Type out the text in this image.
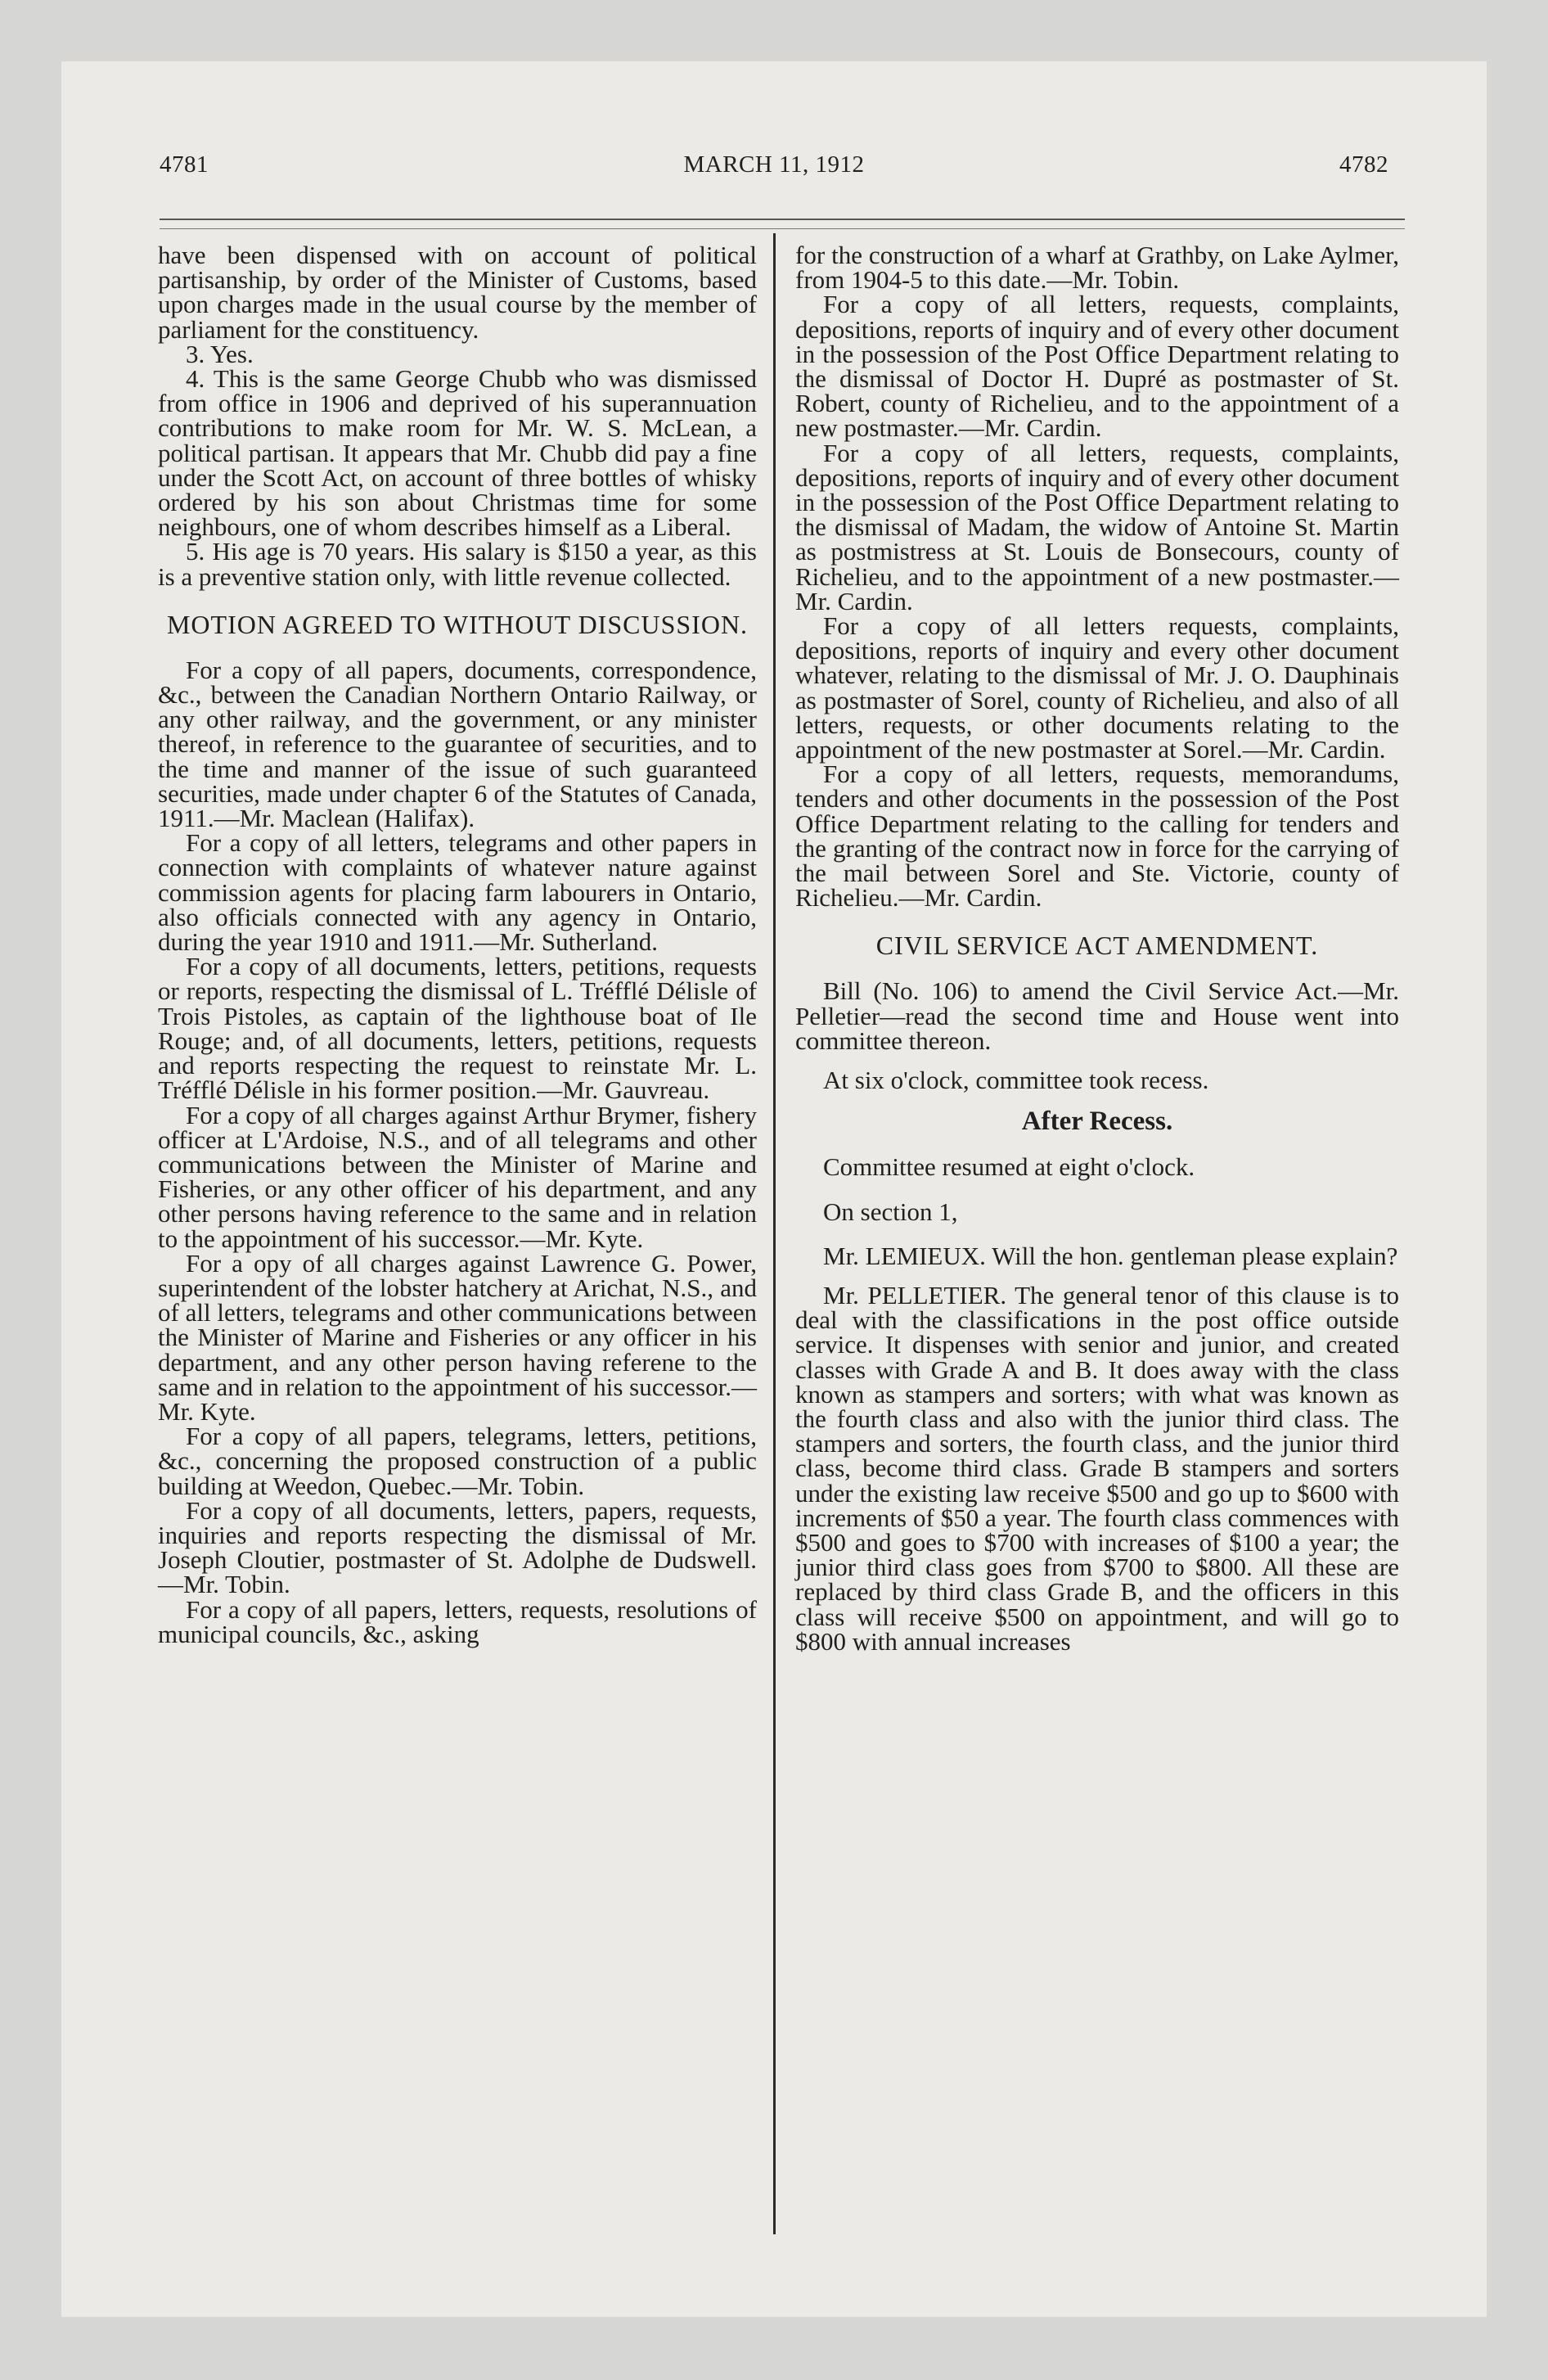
4781	MARCH 11, 1912	4782

have been dispensed with on account of political partisanship, by order of the Minister of Customs, based upon charges made in the usual course by the member of parliament for the constituency.

3. Yes.

4. This is the same George Chubb who was dismissed from office in 1906 and deprived of his superannuation contributions to make room for Mr. W. S. McLean, a political partisan. It appears that Mr. Chubb did pay a fine under the Scott Act, on account of three bottles of whisky ordered by his son about Christmas time for some neighbours, one of whom describes himself as a Liberal.

5. His age is 70 years. His salary is $150 a year, as this is a preventive station only, with little revenue collected.

MOTION AGREED TO WITHOUT DISCUSSION.

For a copy of all papers, documents, correspondence, &c., between the Canadian Northern Ontario Railway, or any other railway, and the government, or any minister thereof, in reference to the guarantee of securities, and to the time and manner of the issue of such guaranteed securities, made under chapter 6 of the Statutes of Canada, 1911.—Mr. Maclean (Halifax).

For a copy of all letters, telegrams and other papers in connection with complaints of whatever nature against commission agents for placing farm labourers in Ontario, also officials connected with any agency in Ontario, during the year 1910 and 1911.—Mr. Sutherland.

For a copy of all documents, letters, petitions, requests or reports, respecting the dismissal of L. Tréfflé Délisle of Trois Pistoles, as captain of the lighthouse boat of Ile Rouge; and, of all documents, letters, petitions, requests and reports respecting the request to reinstate Mr. L. Tréfflé Délisle in his former position.—Mr. Gauvreau.

For a copy of all charges against Arthur Brymer, fishery officer at L'Ardoise, N.S., and of all telegrams and other communications between the Minister of Marine and Fisheries, or any other officer of his department, and any other persons having reference to the same and in relation to the appointment of his successor.—Mr. Kyte.

For a opy of all charges against Lawrence G. Power, superintendent of the lobster hatchery at Arichat, N.S., and of all letters, telegrams and other communications between the Minister of Marine and Fisheries or any officer in his department, and any other person having referene to the same and in relation to the appointment of his successor.—Mr. Kyte.

For a copy of all papers, telegrams, letters, petitions, &c., concerning the proposed construction of a public building at Weedon, Quebec.—Mr. Tobin.

For a copy of all documents, letters, papers, requests, inquiries and reports respecting the dismissal of Mr. Joseph Cloutier, postmaster of St. Adolphe de Dudswell.—Mr. Tobin.

For a copy of all papers, letters, requests, resolutions of municipal councils, &c., asking

for the construction of a wharf at Grathby, on Lake Aylmer, from 1904-5 to this date.—Mr. Tobin.

For a copy of all letters, requests, complaints, depositions, reports of inquiry and of every other document in the possession of the Post Office Department relating to the dismissal of Doctor H. Dupré as postmaster of St. Robert, county of Richelieu, and to the appointment of a new postmaster.—Mr. Cardin.

For a copy of all letters, requests, complaints, depositions, reports of inquiry and of every other document in the possession of the Post Office Department relating to the dismissal of Madam, the widow of Antoine St. Martin as postmistress at St. Louis de Bonsecours, county of Richelieu, and to the appointment of a new postmaster.—Mr. Cardin.

For a copy of all letters requests, complaints, depositions, reports of inquiry and every other document whatever, relating to the dismissal of Mr. J. O. Dauphinais as postmaster of Sorel, county of Richelieu, and also of all letters, requests, or other documents relating to the appointment of the new postmaster at Sorel.—Mr. Cardin.

For a copy of all letters, requests, memorandums, tenders and other documents in the possession of the Post Office Department relating to the calling for tenders and the granting of the contract now in force for the carrying of the mail between Sorel and Ste. Victorie, county of Richelieu.—Mr. Cardin.

CIVIL SERVICE ACT AMENDMENT.

Bill (No. 106) to amend the Civil Service Act.—Mr. Pelletier—read the second time and House went into committee thereon.

At six o'clock, committee took recess.

After Recess.

Committee resumed at eight o'clock.

On section 1,

Mr. LEMIEUX. Will the hon. gentleman please explain?

Mr. PELLETIER. The general tenor of this clause is to deal with the classifications in the post office outside service. It dispenses with senior and junior, and created classes with Grade A and B. It does away with the class known as stampers and sorters; with what was known as the fourth class and also with the junior third class. The stampers and sorters, the fourth class, and the junior third class, become third class. Grade B stampers and sorters under the existing law receive $500 and go up to $600 with increments of $50 a year. The fourth class commences with $500 and goes to $700 with increases of $100 a year; the junior third class goes from $700 to $800. All these are replaced by third class Grade B, and the officers in this class will receive $500 on appointment, and will go to $800 with annual increases
